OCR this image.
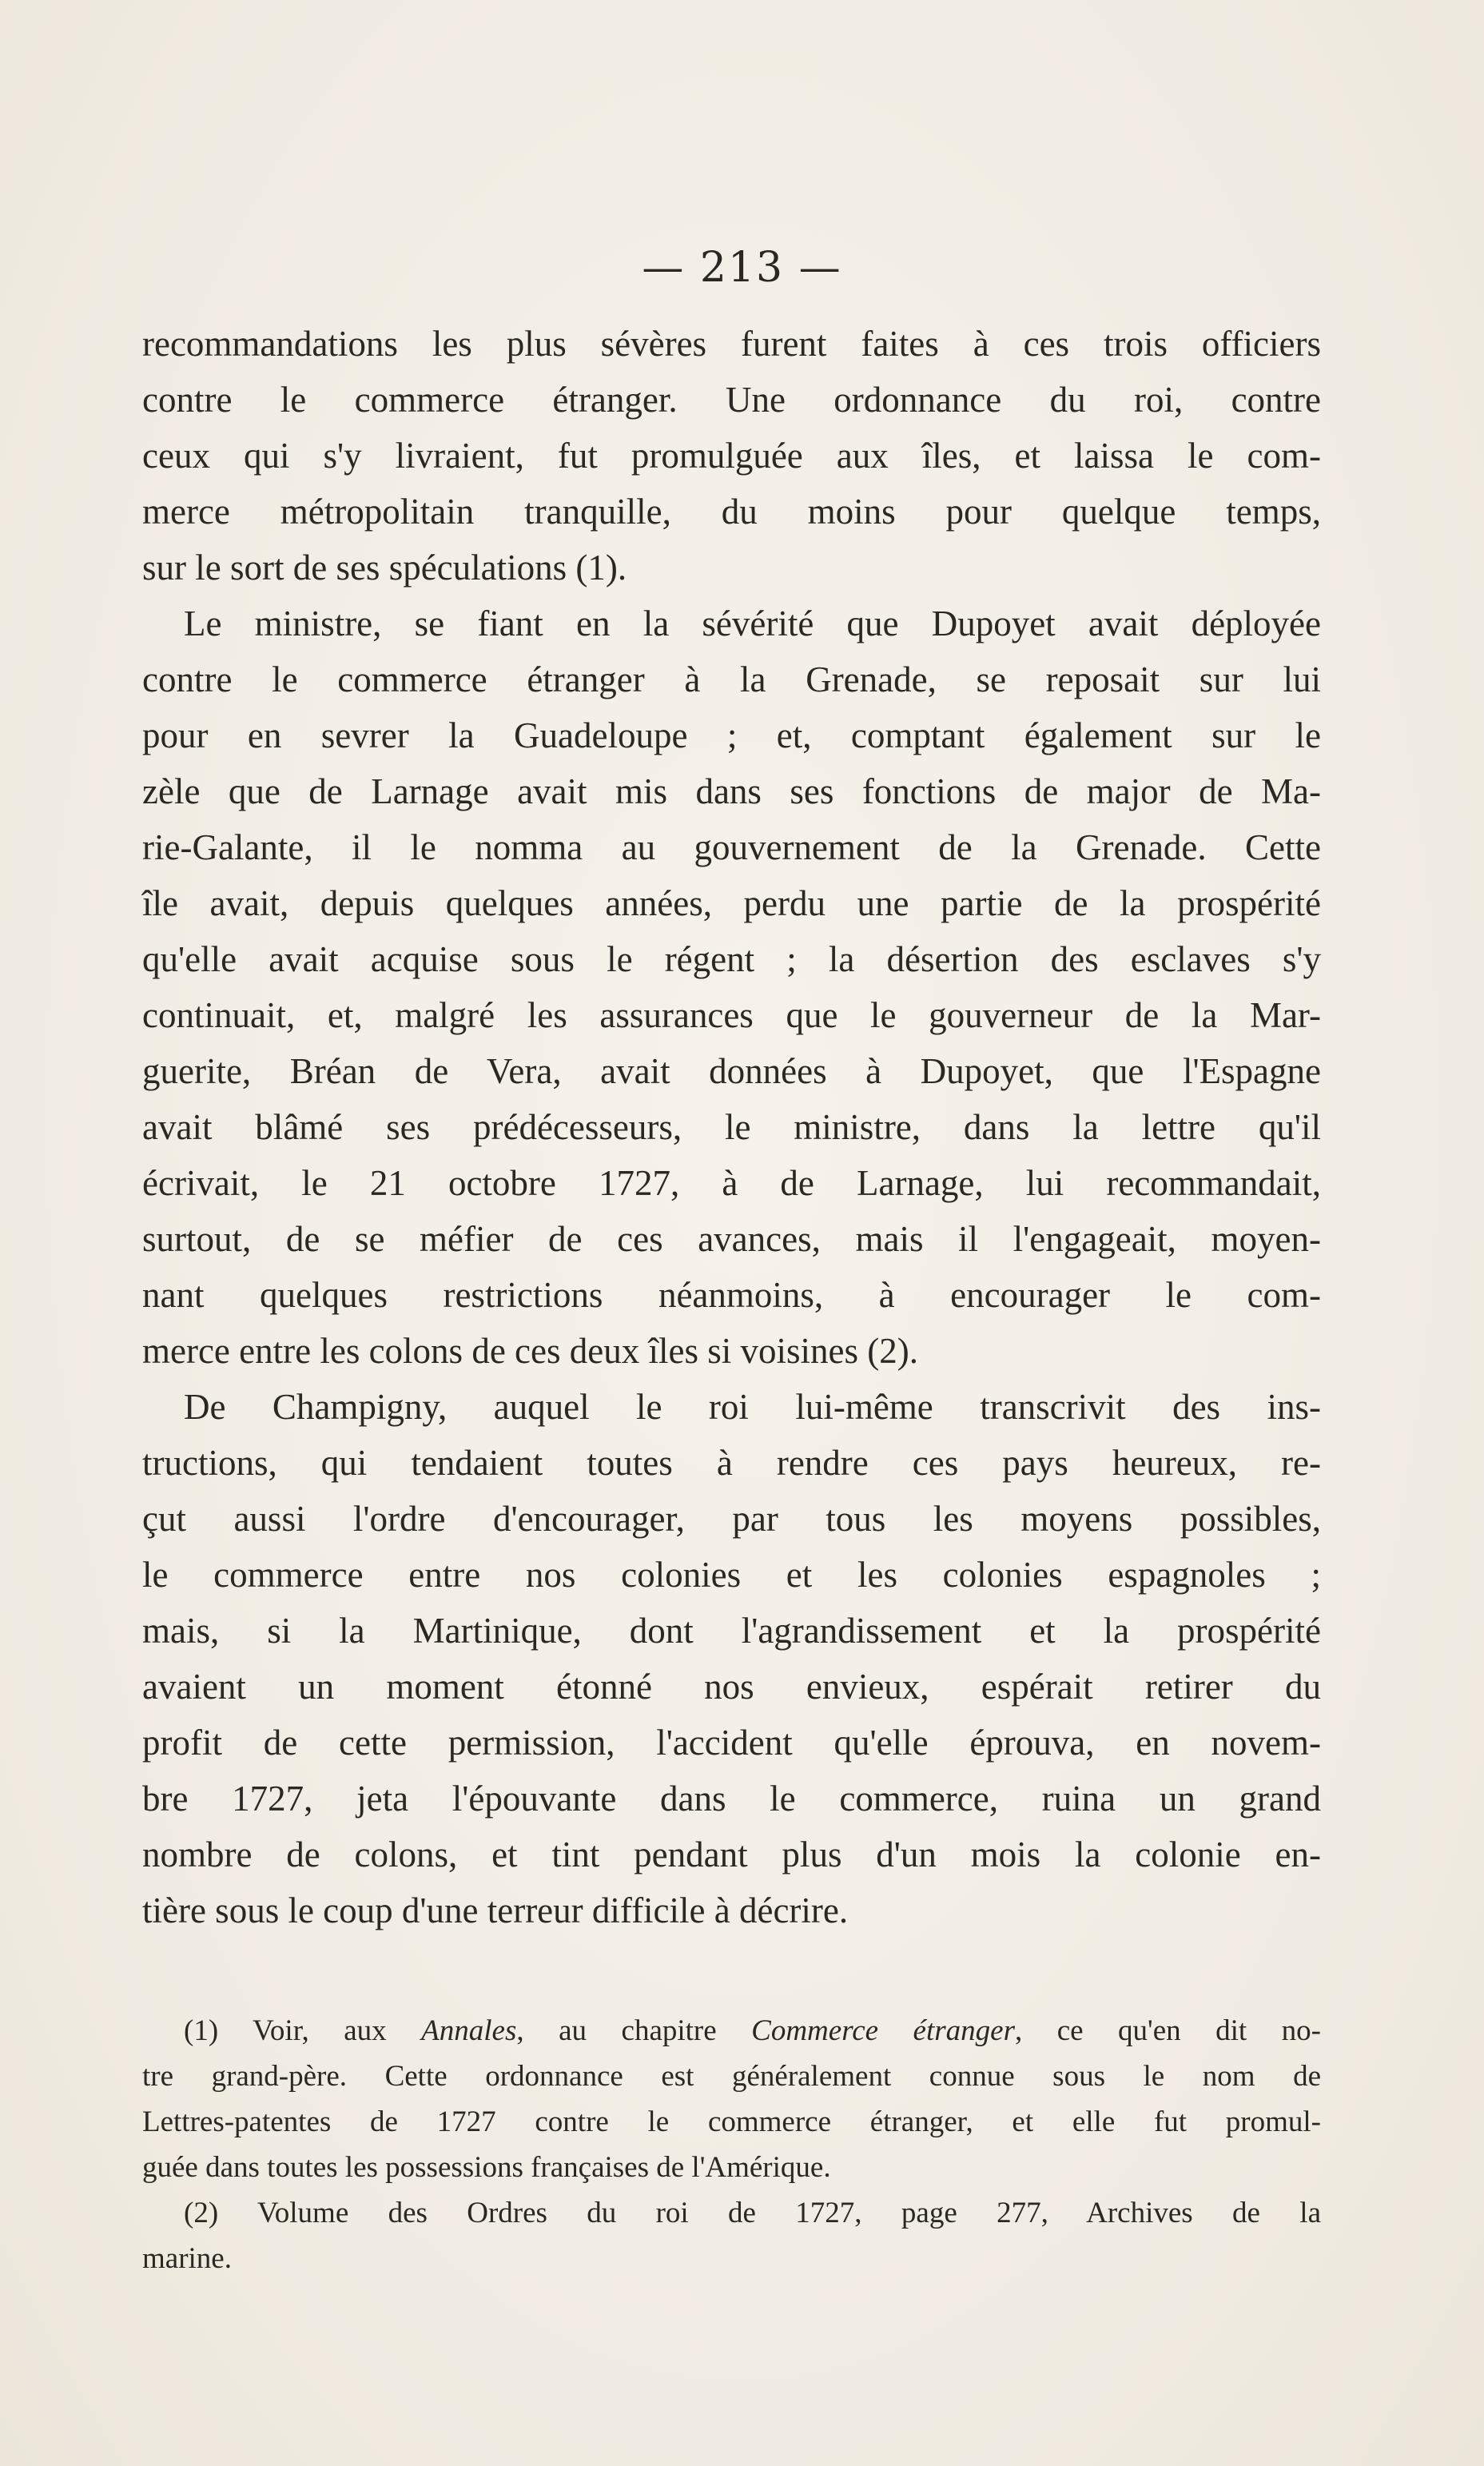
— 213 —
recommandations les plus sévères furent faites à ces trois officiers
contre le commerce étranger. Une ordonnance du roi, contre
ceux qui s'y livraient, fut promulguée aux îles, et laissa le com-
merce métropolitain tranquille, du moins pour quelque temps,
sur le sort de ses spéculations (1).
Le ministre, se fiant en la sévérité que Dupoyet avait déployée
contre le commerce étranger à la Grenade, se reposait sur lui
pour en sevrer la Guadeloupe ; et, comptant également sur le
zèle que de Larnage avait mis dans ses fonctions de major de Ma-
rie-Galante, il le nomma au gouvernement de la Grenade. Cette
île avait, depuis quelques années, perdu une partie de la prospérité
qu'elle avait acquise sous le régent ; la désertion des esclaves s'y
continuait, et, malgré les assurances que le gouverneur de la Mar-
guerite, Bréan de Vera, avait données à Dupoyet, que l'Espagne
avait blâmé ses prédécesseurs, le ministre, dans la lettre qu'il
écrivait, le 21 octobre 1727, à de Larnage, lui recommandait,
surtout, de se méfier de ces avances, mais il l'engageait, moyen-
nant quelques restrictions néanmoins, à encourager le com-
merce entre les colons de ces deux îles si voisines (2).
De Champigny, auquel le roi lui-même transcrivit des ins-
tructions, qui tendaient toutes à rendre ces pays heureux, re-
çut aussi l'ordre d'encourager, par tous les moyens possibles,
le commerce entre nos colonies et les colonies espagnoles ;
mais, si la Martinique, dont l'agrandissement et la prospérité
avaient un moment étonné nos envieux, espérait retirer du
profit de cette permission, l'accident qu'elle éprouva, en novem-
bre 1727, jeta l'épouvante dans le commerce, ruina un grand
nombre de colons, et tint pendant plus d'un mois la colonie en-
tière sous le coup d'une terreur difficile à décrire.
(1) Voir, aux Annales, au chapitre Commerce étranger, ce qu'en dit no-
tre grand-père. Cette ordonnance est généralement connue sous le nom de
Lettres-patentes de 1727 contre le commerce étranger, et elle fut promul-
guée dans toutes les possessions françaises de l'Amérique.
(2) Volume des Ordres du roi de 1727, page 277, Archives de la
marine.
